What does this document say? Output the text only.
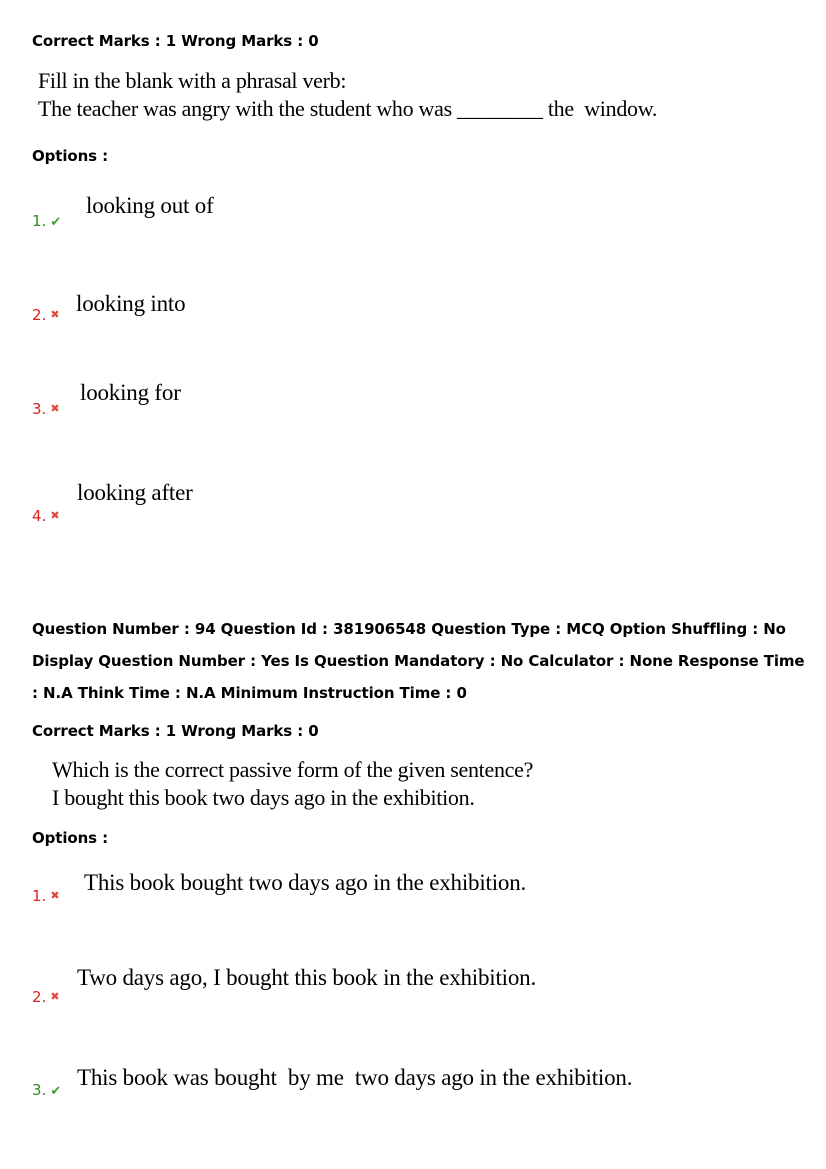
Correct Marks : 1 Wrong Marks : 0
Fill in the blank with a phrasal verb:
The teacher was angry with the student who was ________ the  window.
Options :
1. ✔
looking out of
2. ✖ looking into
3. ✖
looking for
4. ✖
looking after
Question Number : 94 Question Id : 381906548 Question Type : MCQ Option Shuffling : No
Display Question Number : Yes Is Question Mandatory : No Calculator : None Response Time
: N.A Think Time : N.A Minimum Instruction Time : 0
Correct Marks : 1 Wrong Marks : 0
Which is the correct passive form of the given sentence?
I bought this book two days ago in the exhibition.
Options :
1. ✖
This book bought two days ago in the exhibition.
2. ✖
Two days ago, I bought this book in the exhibition.
3. ✔
This book was bought  by me  two days ago in the exhibition.
